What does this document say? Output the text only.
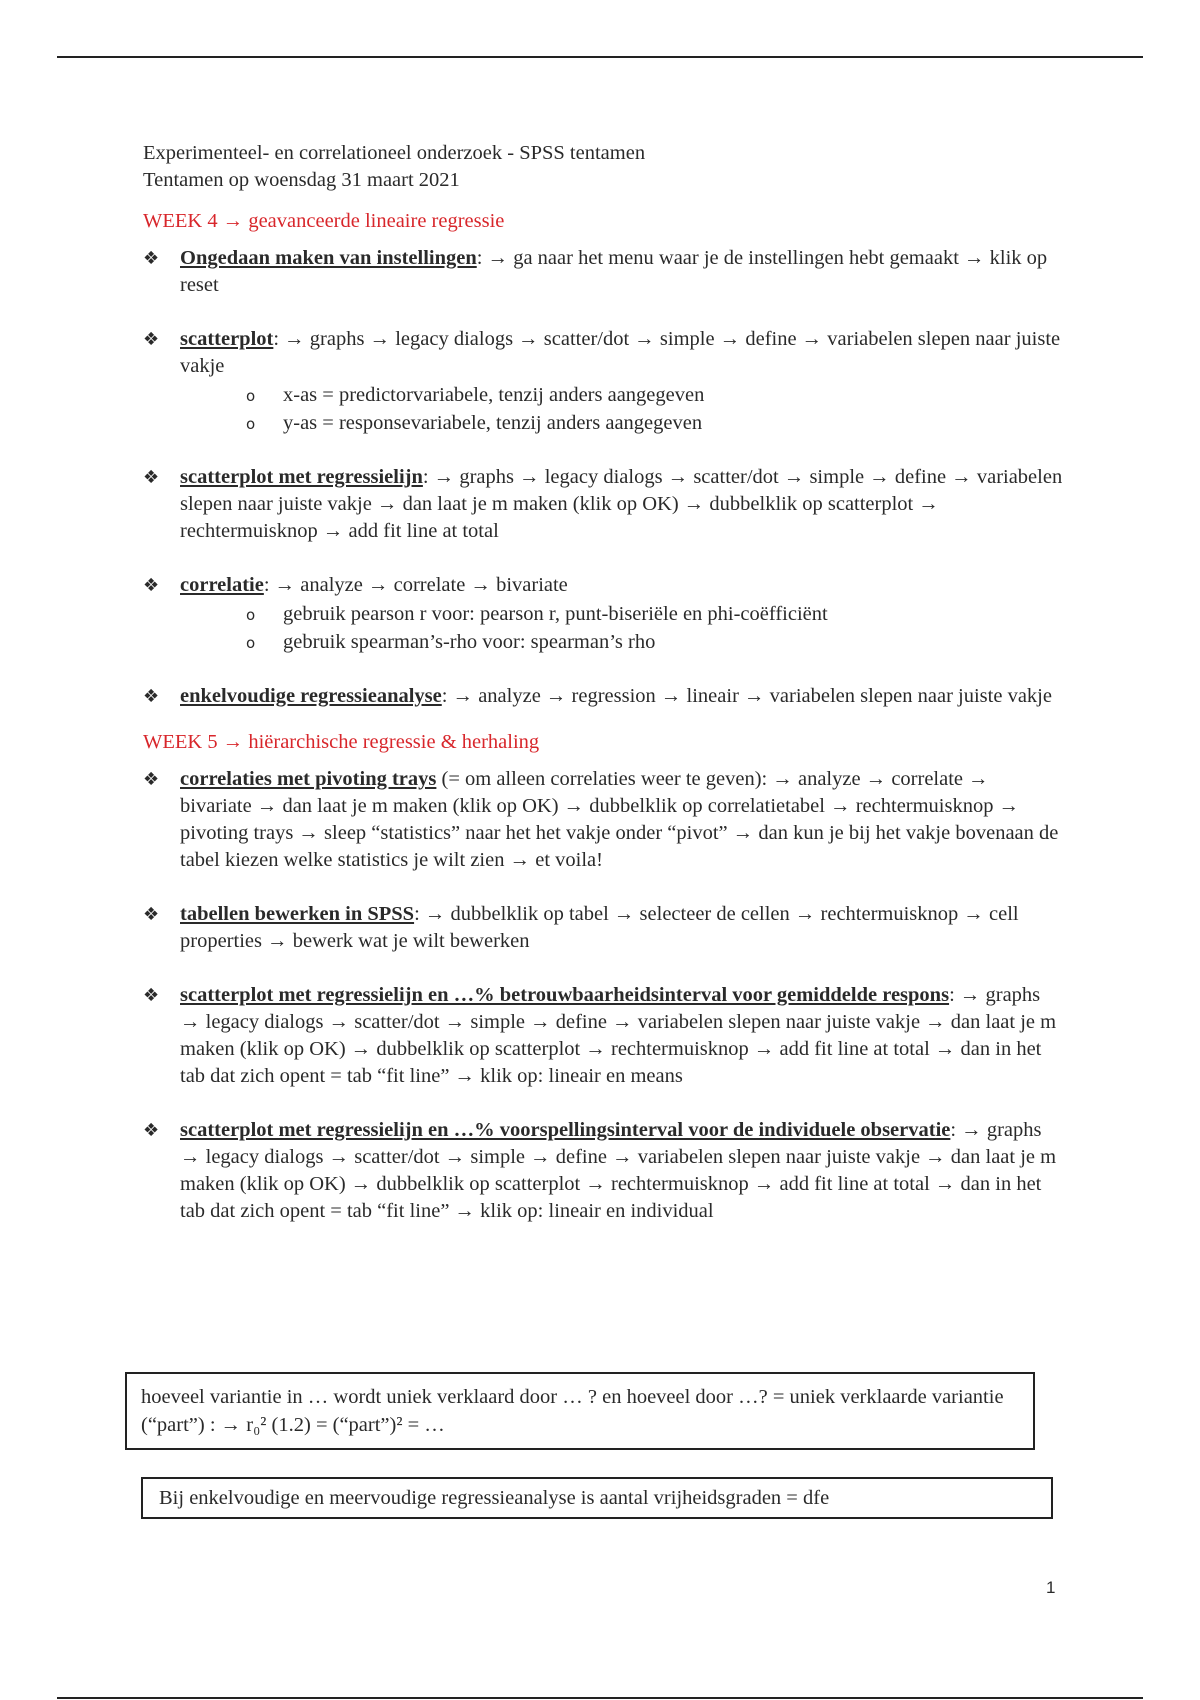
Experimenteel- en correlationeel onderzoek - SPSS tentamen

Tentamen op woensdag 31 maart 2021

WEEK 4 → geavanceerde lineaire regressie

❖ Ongedaan maken van instellingen: → ga naar het menu waar je de instellingen hebt gemaakt → klik op reset
❖ scatterplot: → graphs → legacy dialogs → scatter/dot → simple → define → variabelen slepen naar juiste vakje
o x-as = predictorvariabele, tenzij anders aangegeven
o y-as = responsevariabele, tenzij anders aangegeven
❖ scatterplot met regressielijn: → graphs → legacy dialogs → scatter/dot → simple → define → variabelen slepen naar juiste vakje → dan laat je m maken (klik op OK) → dubbelklik op scatterplot → rechtermuisknop → add fit line at total
❖ correlatie: → analyze → correlate → bivariate
o gebruik pearson r voor: pearson r, punt-biseriële en phi-coëfficiënt
o gebruik spearman’s-rho voor: spearman’s rho
❖ enkelvoudige regressieanalyse: → analyze → regression → lineair → variabelen slepen naar juiste vakje

WEEK 5 → hiërarchische regressie & herhaling

❖ correlaties met pivoting trays (= om alleen correlaties weer te geven): → analyze → correlate → bivariate → dan laat je m maken (klik op OK) → dubbelklik op correlatietabel → rechtermuisknop → pivoting trays → sleep “statistics” naar het het vakje onder “pivot” → dan kun je bij het vakje bovenaan de tabel kiezen welke statistics je wilt zien → et voila!
❖ tabellen bewerken in SPSS: → dubbelklik op tabel → selecteer de cellen → rechtermuisknop → cell properties → bewerk wat je wilt bewerken
❖ scatterplot met regressielijn en …% betrouwbaarheidsinterval voor gemiddelde respons: → graphs → legacy dialogs → scatter/dot → simple → define → variabelen slepen naar juiste vakje → dan laat je m maken (klik op OK) → dubbelklik op scatterplot → rechtermuisknop → add fit line at total → dan in het tab dat zich opent = tab “fit line” → klik op: lineair en means
❖ scatterplot met regressielijn en …% voorspellingsinterval voor de individuele observatie: → graphs → legacy dialogs → scatter/dot → simple → define → variabelen slepen naar juiste vakje → dan laat je m maken (klik op OK) → dubbelklik op scatterplot → rechtermuisknop → add fit line at total → dan in het tab dat zich opent = tab “fit line” → klik op: lineair en individual
hoeveel variantie in … wordt uniek verklaard door … ? en hoeveel door …? = uniek verklaarde variantie (“part”) : → r₀² (1.2) = (“part”)² = …
Bij enkelvoudige en meervoudige regressieanalyse is aantal vrijheidsgraden = dfe
1
